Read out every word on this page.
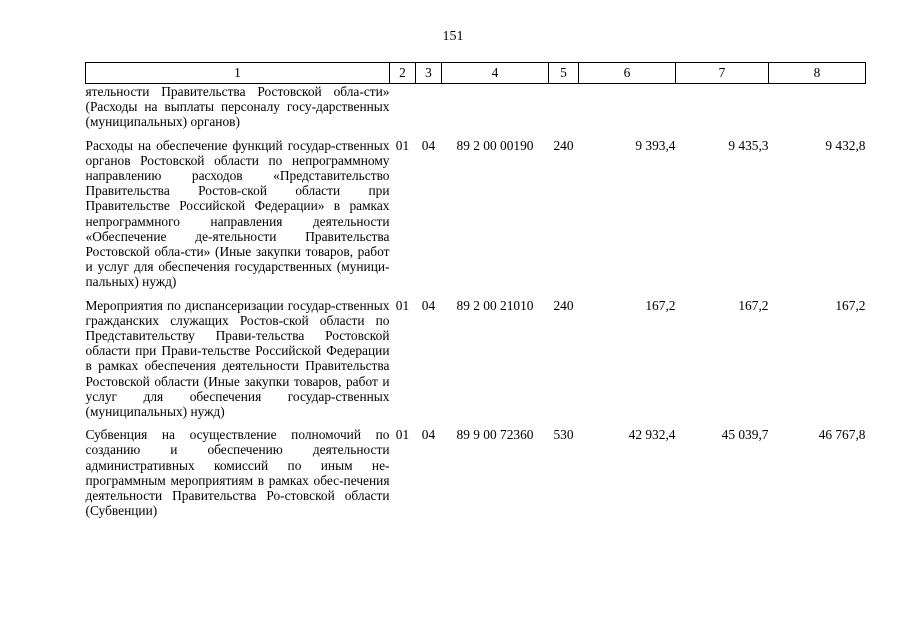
151
1	2	3	4	5	6	7	8
ятельности Правительства Ростовской обла-сти» (Расходы на выплаты персоналу госу-дарственных (муниципальных) органов)							
Расходы на обеспечение функций государ-ственных органов Ростовской области по непрограммному направлению расходов «Представительство Правительства Ростов-ской области при Правительстве Российской Федерации» в рамках непрограммного направления деятельности «Обеспечение де-ятельности Правительства Ростовской обла-сти» (Иные закупки товаров, работ и услуг для обеспечения государственных (муници-пальных) нужд)	01	04	89 2 00 00190	240	9 393,4	9 435,3	9 432,8
Мероприятия по диспансеризации государ-ственных гражданских служащих Ростов-ской области по Представительству Прави-тельства Ростовской области при Прави-тельстве Российской Федерации в рамках обеспечения деятельности Правительства Ростовской области (Иные закупки товаров, работ и услуг для обеспечения государ-ственных (муниципальных) нужд)	01	04	89 2 00 21010	240	167,2	167,2	167,2
Субвенция на осуществление полномочий по созданию и обеспечению деятельности административных комиссий по иным не-программным мероприятиям в рамках обес-печения деятельности Правительства Ро-стовской области (Субвенции)	01	04	89 9 00 72360	530	42 932,4	45 039,7	46 767,8
